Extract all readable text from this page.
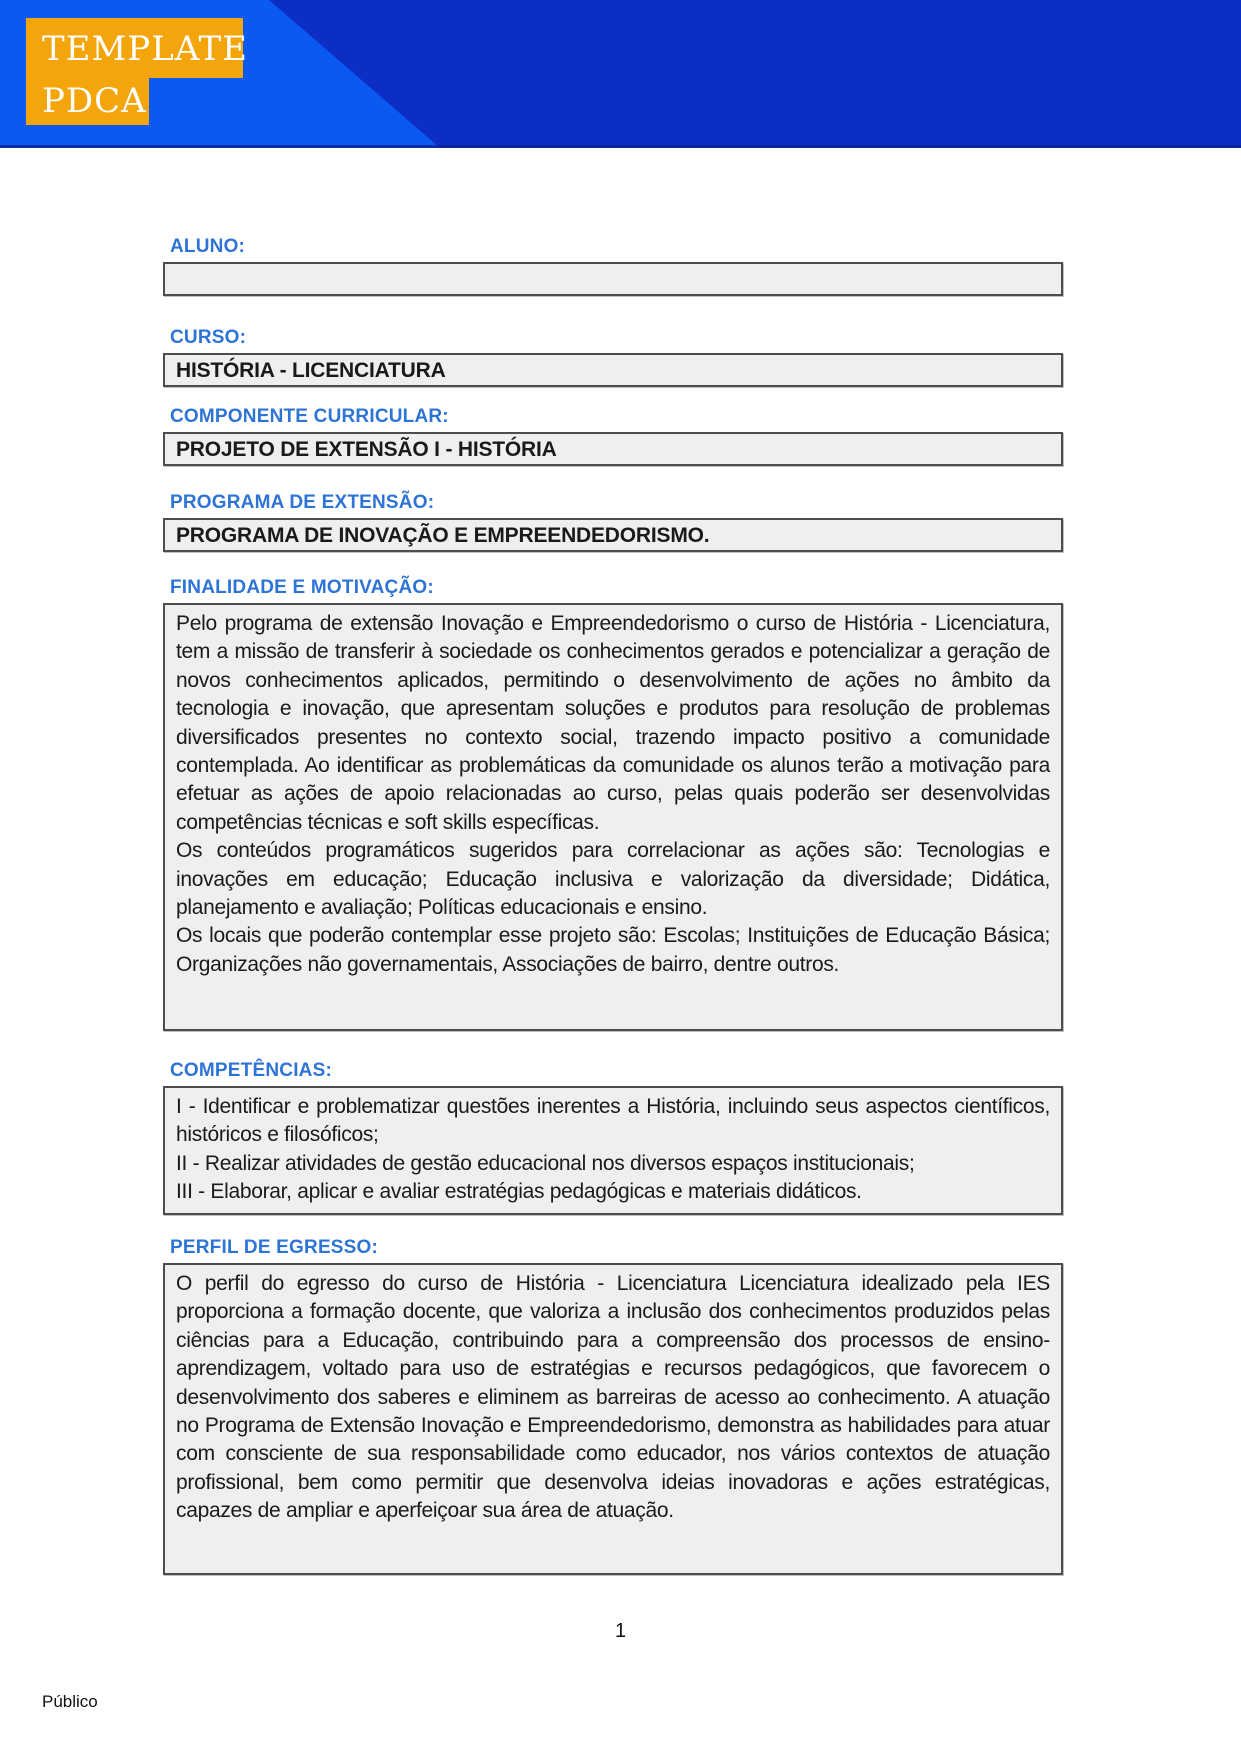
TEMPLATE
PDCA
ALUNO:
CURSO:
HISTÓRIA - LICENCIATURA
COMPONENTE CURRICULAR:
PROJETO DE EXTENSÃO I - HISTÓRIA
PROGRAMA DE EXTENSÃO:
PROGRAMA DE INOVAÇÃO E EMPREENDEDORISMO.
FINALIDADE E MOTIVAÇÃO:

Pelo programa de extensão Inovação e Empreendedorismo o curso de História - Licenciatura, tem a missão de transferir à sociedade os conhecimentos gerados e potencializar a geração de novos conhecimentos aplicados, permitindo o desenvolvimento de ações no âmbito da tecnologia e inovação, que apresentam soluções e produtos para resolução de problemas diversificados presentes no contexto social, trazendo impacto positivo a comunidade contemplada. Ao identificar as problemáticas da comunidade os alunos terão a motivação para efetuar as ações de apoio relacionadas ao curso, pelas quais poderão ser desenvolvidas competências técnicas e soft skills específicas.

Os conteúdos programáticos sugeridos para correlacionar as ações são: Tecnologias e inovações em educação; Educação inclusiva e valorização da diversidade; Didática, planejamento e avaliação; Políticas educacionais e ensino.

Os locais que poderão contemplar esse projeto são: Escolas; Instituições de Educação Básica; Organizações não governamentais, Associações de bairro, dentre outros.

COMPETÊNCIAS:

I - Identificar e problematizar questões inerentes a História, incluindo seus aspectos científicos, históricos e filosóficos;

II - Realizar atividades de gestão educacional nos diversos espaços institucionais;

III - Elaborar, aplicar e avaliar estratégias pedagógicas e materiais didáticos.

PERFIL DE EGRESSO:

O perfil do egresso do curso de História - Licenciatura Licenciatura idealizado pela IES proporciona a formação docente, que valoriza a inclusão dos conhecimentos produzidos pelas ciências para a Educação, contribuindo para a compreensão dos processos de ensino-aprendizagem, voltado para uso de estratégias e recursos pedagógicos, que favorecem o desenvolvimento dos saberes e eliminem as barreiras de acesso ao conhecimento. A atuação no Programa de Extensão Inovação e Empreendedorismo, demonstra as habilidades para atuar com consciente de sua responsabilidade como educador, nos vários contextos de atuação profissional, bem como permitir que desenvolva ideias inovadoras e ações estratégicas, capazes de ampliar e aperfeiçoar sua área de atuação.

1
Público
